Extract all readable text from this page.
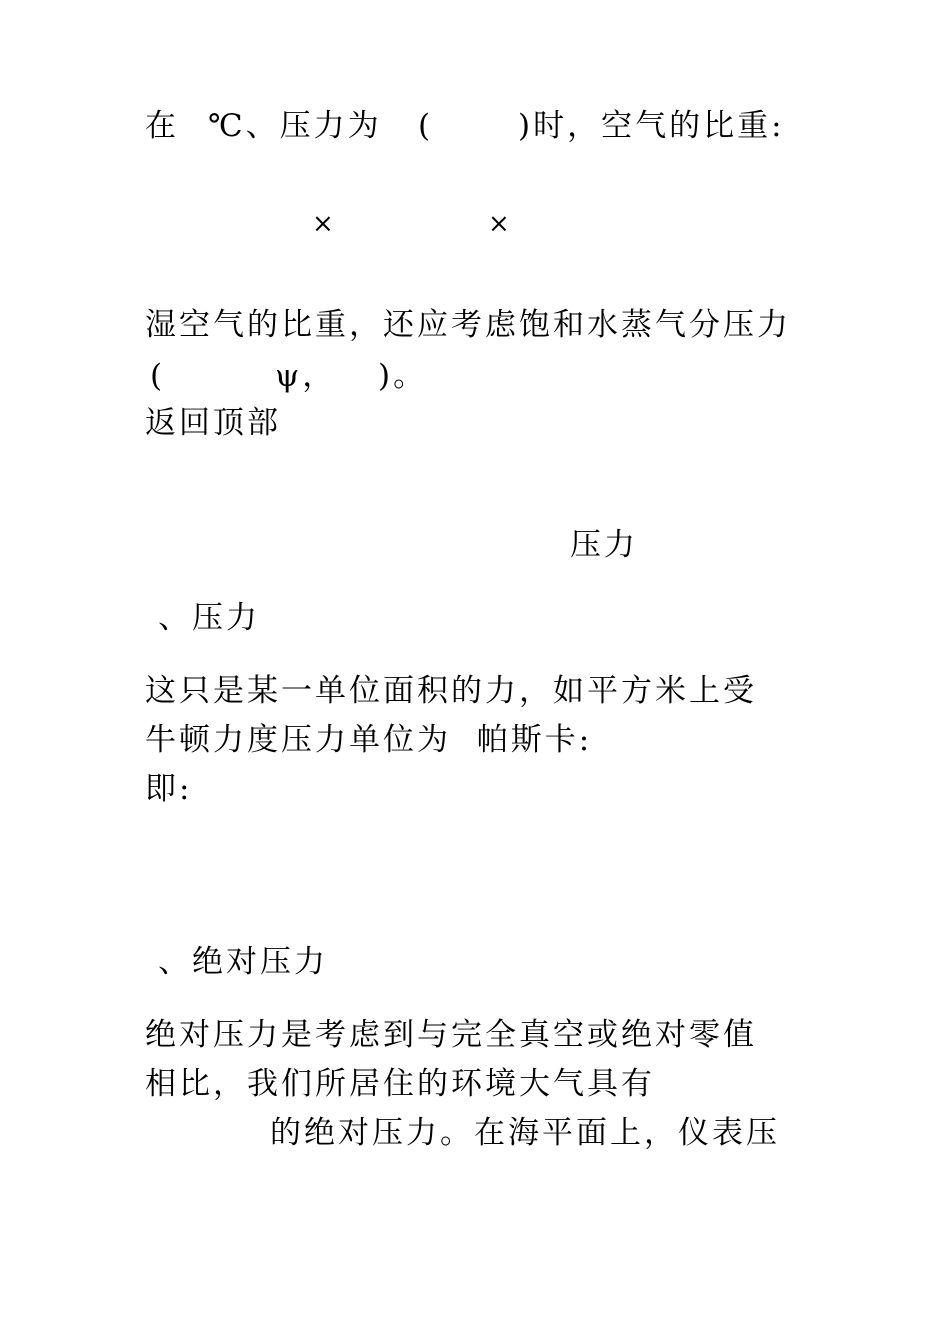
在 ℃、压力为 (	)时，空气的比重:
×	×
湿空气的比重，还应考虑饱和水蒸气分压力
(	ψ， )。
返回顶部
压力
、压力
这只是某一单位面积的力，如平方米上受
牛顿力度压力单位为  帕斯卡:
即:
、绝对压力
绝对压力是考虑到与完全真空或绝对零值
相比，我们所居住的环境大气具有
的绝对压力。在海平面上，仪表压
